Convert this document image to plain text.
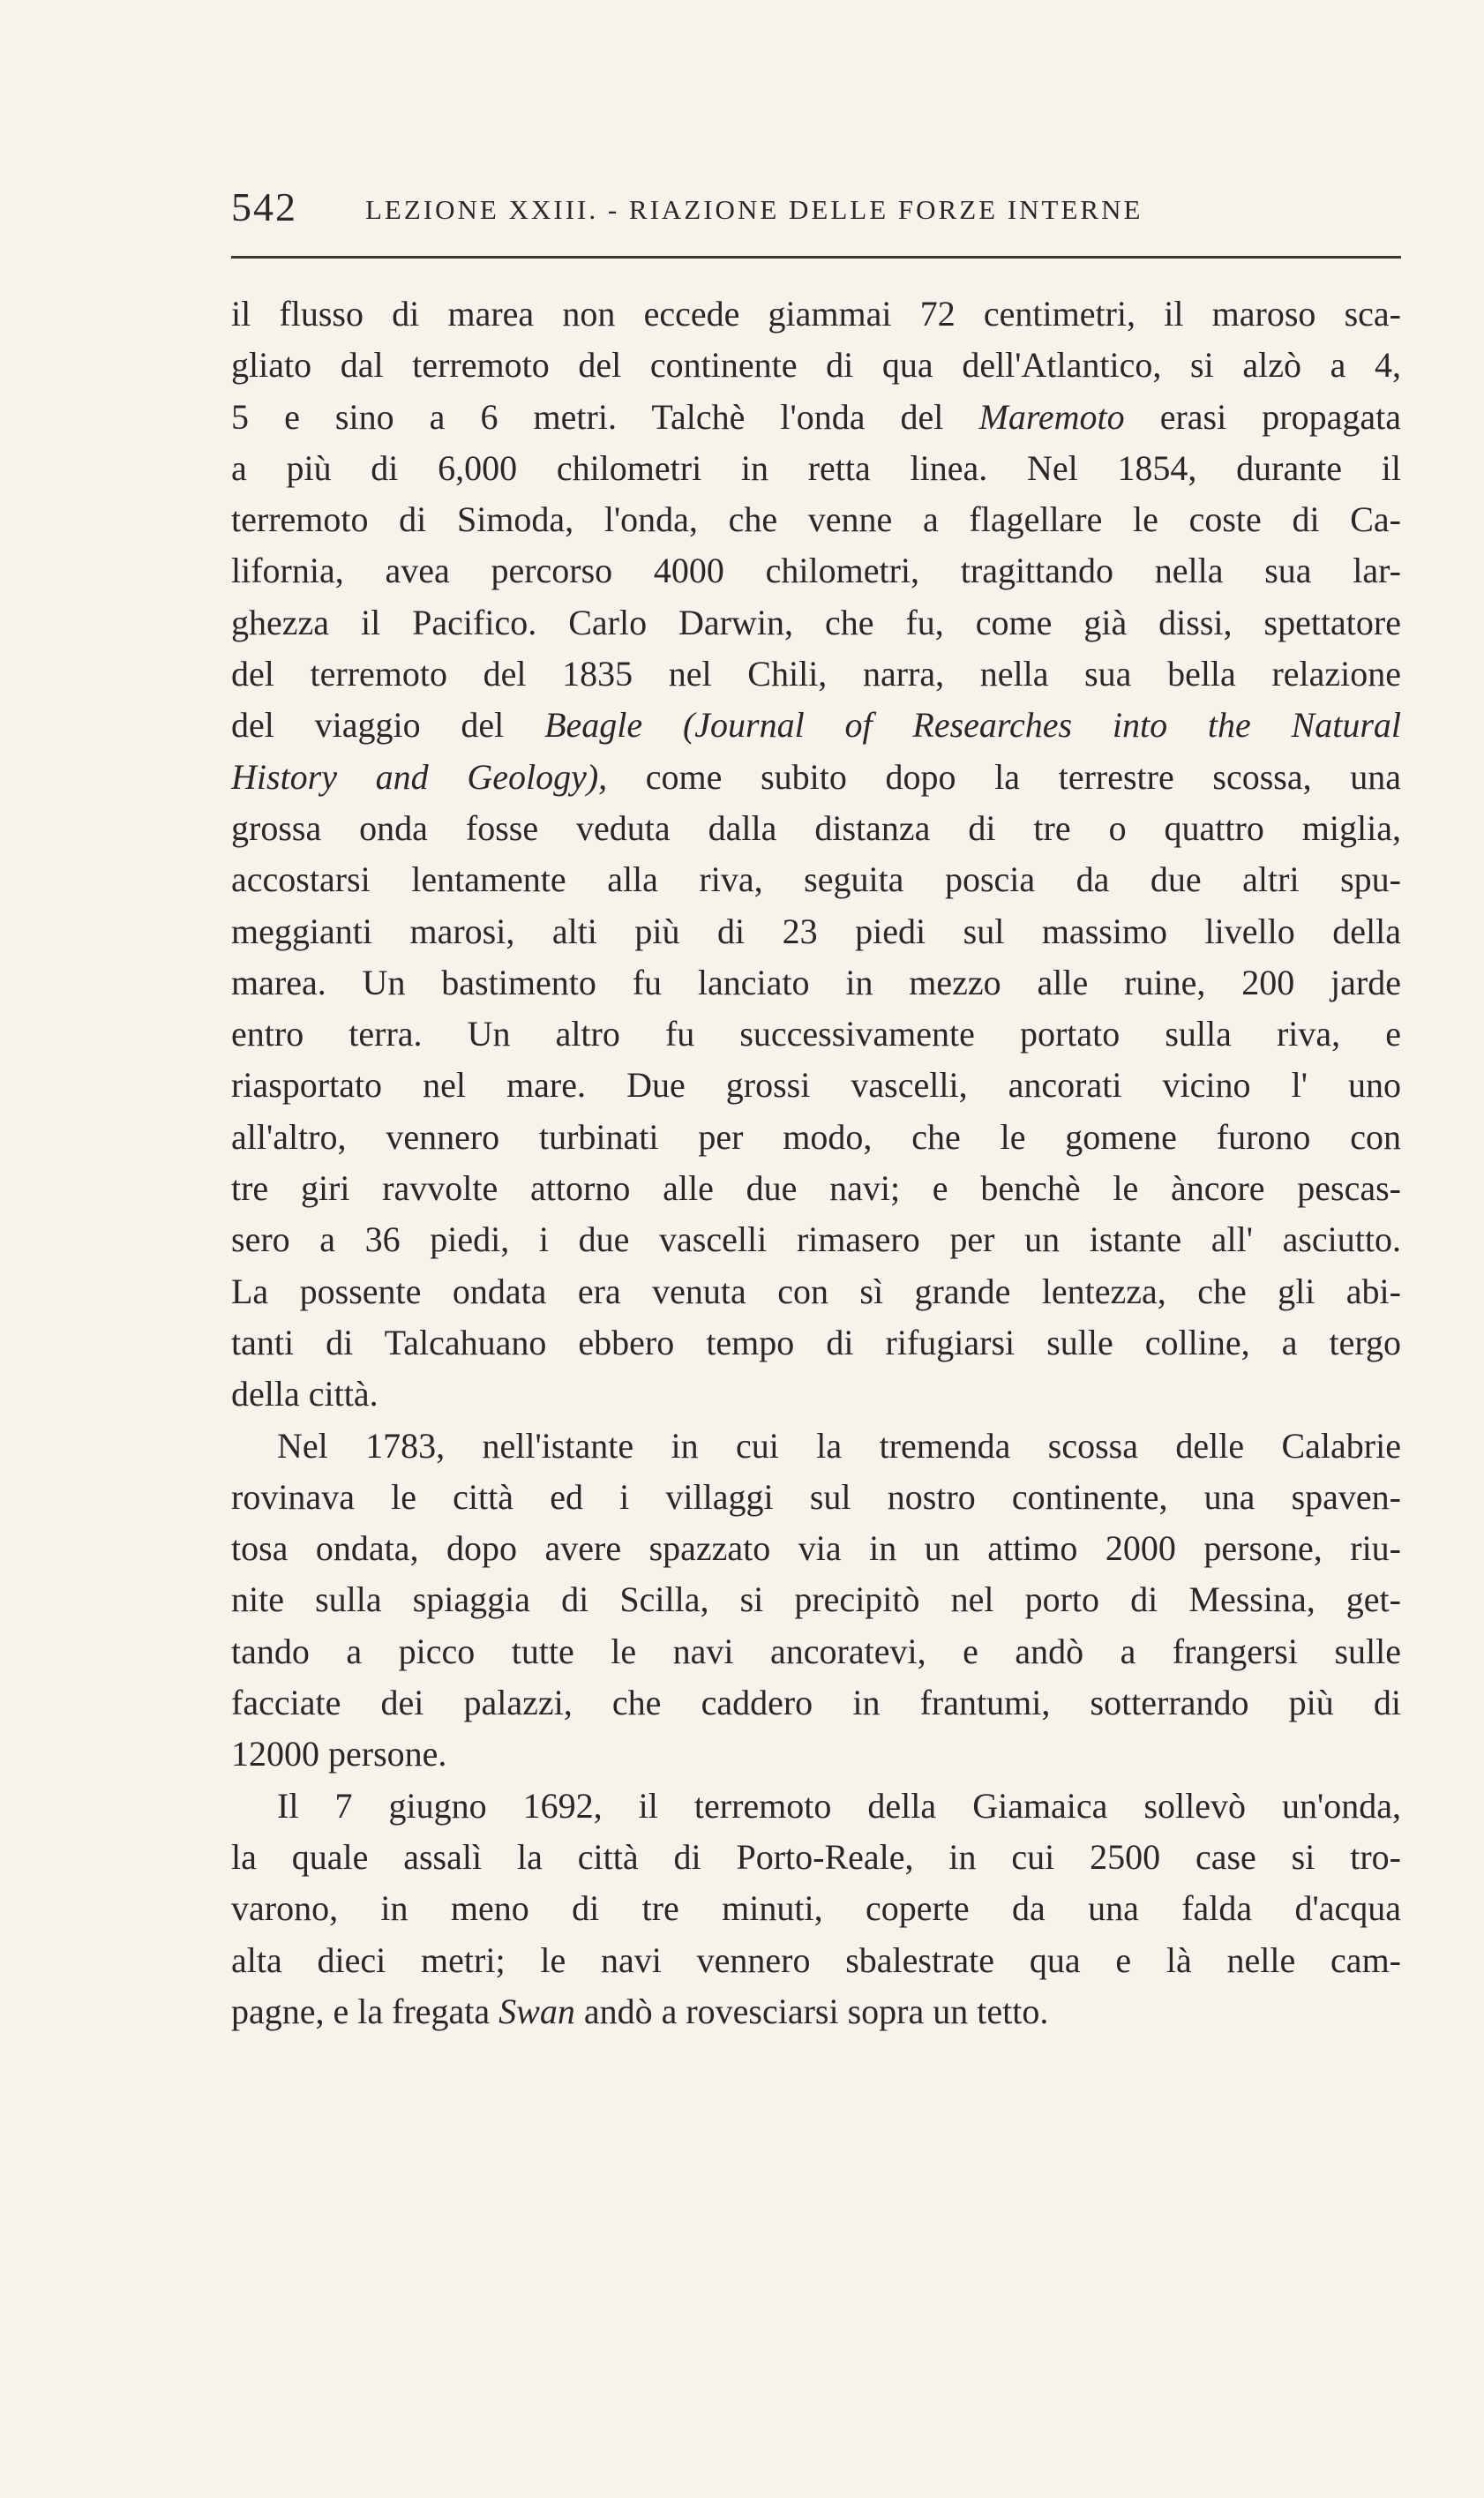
542 LEZIONE XXIII. - RIAZIONE DELLE FORZE INTERNE
il flusso di marea non eccede giammai 72 centimetri, il maroso sca-
gliato dal terremoto del continente di qua dell'Atlantico, si alzò a 4,
5 e sino a 6 metri. Talchè l'onda del Maremoto erasi propagata
a più di 6,000 chilometri in retta linea. Nel 1854, durante il
terremoto di Simoda, l'onda, che venne a flagellare le coste di Ca-
lifornia, avea percorso 4000 chilometri, tragittando nella sua lar-
ghezza il Pacifico. Carlo Darwin, che fu, come già dissi, spettatore
del terremoto del 1835 nel Chili, narra, nella sua bella relazione
del viaggio del Beagle (Journal of Researches into the Natural
History and Geology), come subito dopo la terrestre scossa, una
grossa onda fosse veduta dalla distanza di tre o quattro miglia,
accostarsi lentamente alla riva, seguita poscia da due altri spu-
meggianti marosi, alti più di 23 piedi sul massimo livello della
marea. Un bastimento fu lanciato in mezzo alle ruine, 200 jarde
entro terra. Un altro fu successivamente portato sulla riva, e
riasportato nel mare. Due grossi vascelli, ancorati vicino l' uno
all'altro, vennero turbinati per modo, che le gomene furono con
tre giri ravvolte attorno alle due navi; e benchè le àncore pescas-
sero a 36 piedi, i due vascelli rimasero per un istante all' asciutto.
La possente ondata era venuta con sì grande lentezza, che gli abi-
tanti di Talcahuano ebbero tempo di rifugiarsi sulle colline, a tergo
della città.
Nel 1783, nell'istante in cui la tremenda scossa delle Calabrie
rovinava le città ed i villaggi sul nostro continente, una spaven-
tosa ondata, dopo avere spazzato via in un attimo 2000 persone, riu-
nite sulla spiaggia di Scilla, si precipitò nel porto di Messina, get-
tando a picco tutte le navi ancoratevi, e andò a frangersi sulle
facciate dei palazzi, che caddero in frantumi, sotterrando più di
12000 persone.
Il 7 giugno 1692, il terremoto della Giamaica sollevò un'onda,
la quale assalì la città di Porto-Reale, in cui 2500 case si tro-
varono, in meno di tre minuti, coperte da una falda d'acqua
alta dieci metri; le navi vennero sbalestrate qua e là nelle cam-
pagne, e la fregata Swan andò a rovesciarsi sopra un tetto.
